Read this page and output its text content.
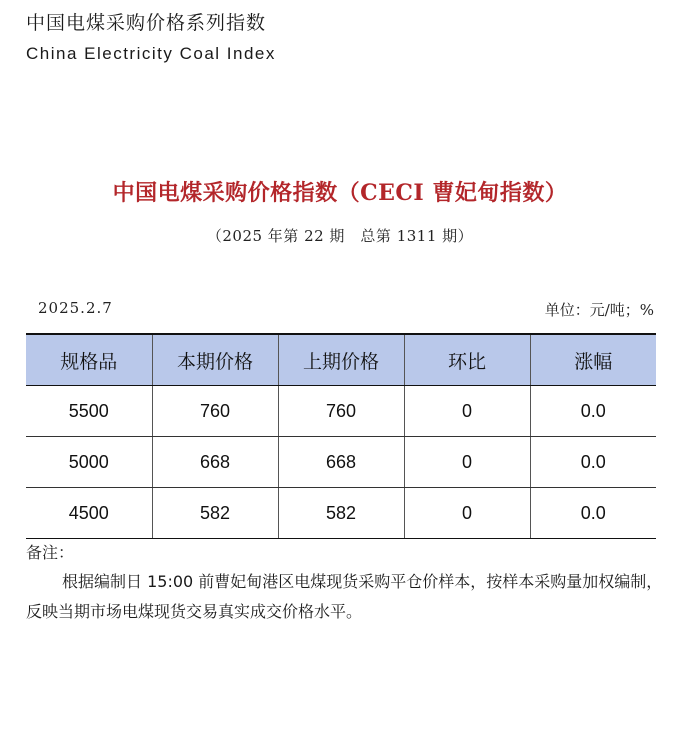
中国电煤采购价格系列指数
China Electricity Coal Index
中国电煤采购价格指数（CECI 曹妃甸指数）
（2025 年第 22 期　总第 1311 期）
2025.2.7	单位：元/吨；%
规格品	本期价格	上期价格	环比	涨幅
5500	760	760	0	0.0
5000	668	668	0	0.0
4500	582	582	0	0.0
备注：
根据编制日 15:00 前曹妃甸港区电煤现货采购平仓价样本，按样本采购量加权编制，反映当期市场电煤现货交易真实成交价格水平。
